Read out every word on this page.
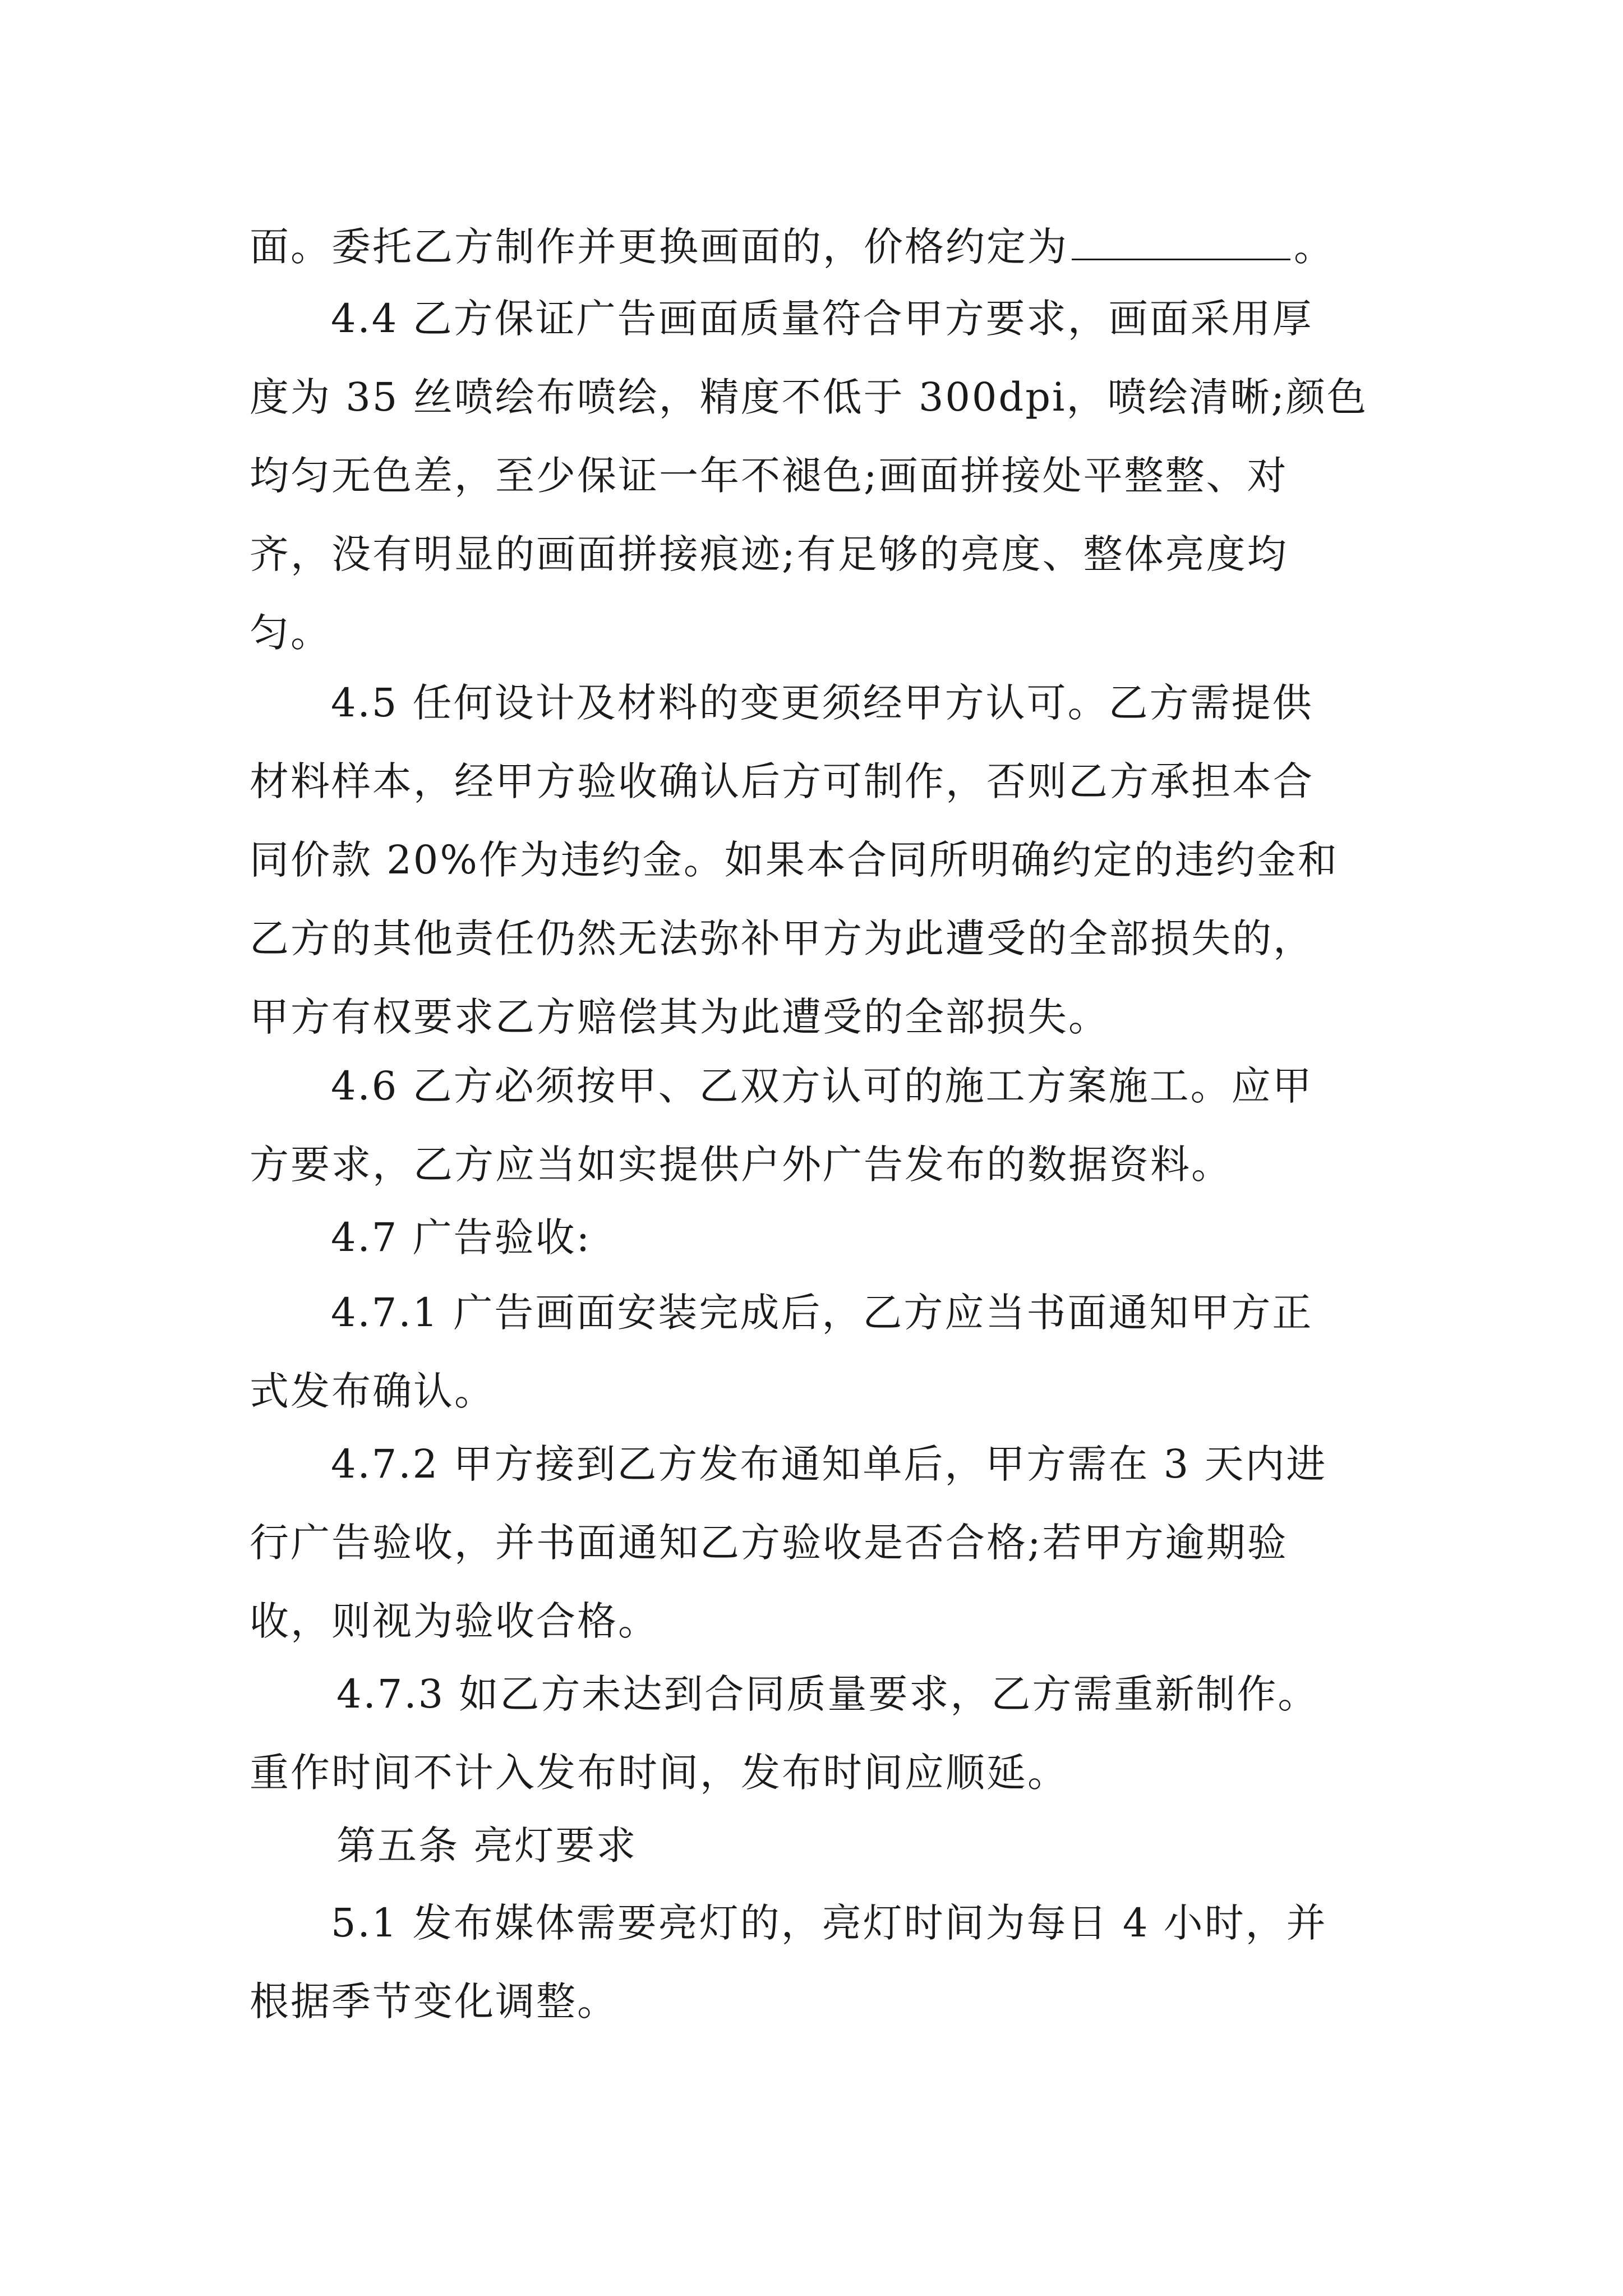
面。委托乙方制作并更换画面的，价格约定为	。
4.4 乙方保证广告画面质量符合甲方要求，画面采用厚
度为 35 丝喷绘布喷绘，精度不低于 300dpi，喷绘清晰;颜色
均匀无色差，至少保证一年不褪色;画面拼接处平整整、对
齐，没有明显的画面拼接痕迹;有足够的亮度、整体亮度均
匀。
4.5 任何设计及材料的变更须经甲方认可。乙方需提供
材料样本，经甲方验收确认后方可制作，否则乙方承担本合
同价款 20%作为违约金。如果本合同所明确约定的违约金和
乙方的其他责任仍然无法弥补甲方为此遭受的全部损失的，
甲方有权要求乙方赔偿其为此遭受的全部损失。
4.6 乙方必须按甲、乙双方认可的施工方案施工。应甲
方要求，乙方应当如实提供户外广告发布的数据资料。
4.7 广告验收:
4.7.1 广告画面安装完成后，乙方应当书面通知甲方正
式发布确认。
4.7.2 甲方接到乙方发布通知单后，甲方需在 3 天内进
行广告验收，并书面通知乙方验收是否合格;若甲方逾期验
收，则视为验收合格。
4.7.3 如乙方未达到合同质量要求，乙方需重新制作。
重作时间不计入发布时间，发布时间应顺延。
第五条 亮灯要求
5.1 发布媒体需要亮灯的，亮灯时间为每日 4 小时，并
根据季节变化调整。
